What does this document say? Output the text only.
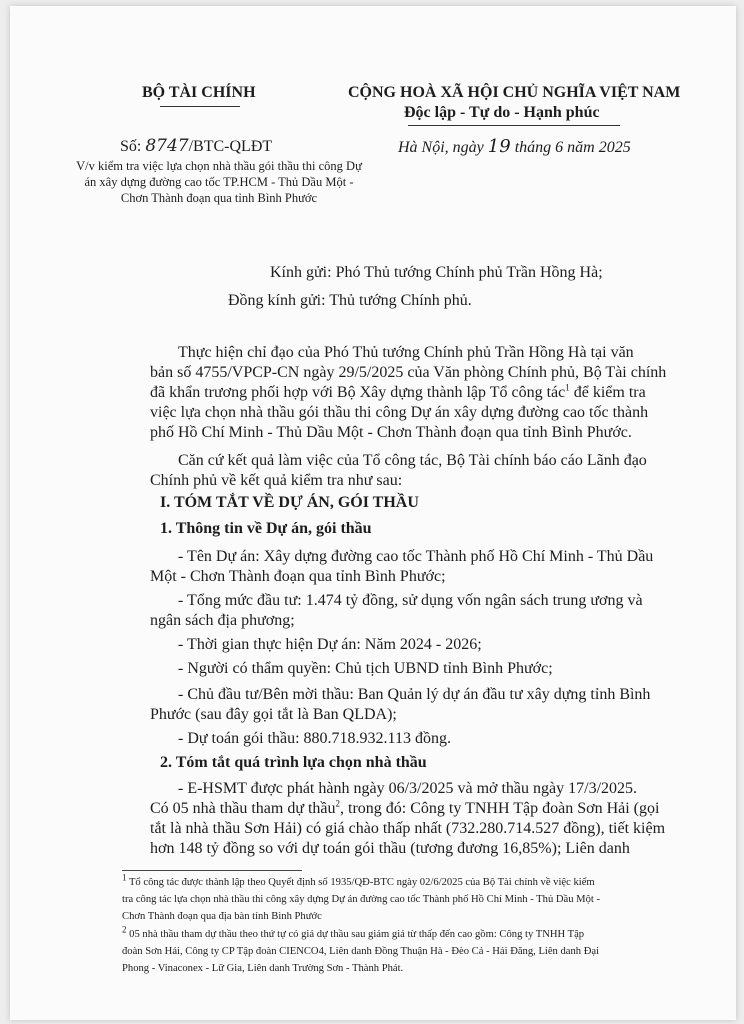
BỘ TÀI CHÍNH	CỘNG HOÀ XÃ HỘI CHỦ NGHĨA VIỆT NAM
Độc lập - Tự do - Hạnh phúc
Số: 8747/BTC-QLĐT
V/v kiểm tra việc lựa chọn nhà thầu gói thầu thi công Dự án xây dựng đường cao tốc TP.HCM - Thủ Dầu Một - Chơn Thành đoạn qua tỉnh Bình Phước
Hà Nội, ngày 19 tháng 6 năm 2025
Kính gửi: Phó Thủ tướng Chính phủ Trần Hồng Hà;
Đồng kính gửi: Thủ tướng Chính phủ.
Thực hiện chỉ đạo của Phó Thủ tướng Chính phủ Trần Hồng Hà tại văn
bản số 4755/VPCP-CN ngày 29/5/2025 của Văn phòng Chính phủ, Bộ Tài chính
đã khẩn trương phối hợp với Bộ Xây dựng thành lập Tổ công tác$^1$ để kiểm tra
việc lựa chọn nhà thầu gói thầu thi công Dự án xây dựng đường cao tốc thành
phố Hồ Chí Minh - Thủ Dầu Một - Chơn Thành đoạn qua tỉnh Bình Phước.
Căn cứ kết quả làm việc của Tổ công tác, Bộ Tài chính báo cáo Lãnh đạo
Chính phủ về kết quả kiểm tra như sau:
I. TÓM TẮT VỀ DỰ ÁN, GÓI THẦU
1. Thông tin về Dự án, gói thầu
- Tên Dự án: Xây dựng đường cao tốc Thành phố Hồ Chí Minh - Thủ Dầu
Một - Chơn Thành đoạn qua tỉnh Bình Phước;
- Tổng mức đầu tư: 1.474 tỷ đồng, sử dụng vốn ngân sách trung ương và
ngân sách địa phương;
- Thời gian thực hiện Dự án: Năm 2024 - 2026;
- Người có thẩm quyền: Chủ tịch UBND tỉnh Bình Phước;
- Chủ đầu tư/Bên mời thầu: Ban Quản lý dự án đầu tư xây dựng tỉnh Bình
Phước (sau đây gọi tắt là Ban QLDA);
- Dự toán gói thầu: 880.718.932.113 đồng.
2. Tóm tắt quá trình lựa chọn nhà thầu
- E-HSMT được phát hành ngày 06/3/2025 và mở thầu ngày 17/3/2025.
Có 05 nhà thầu tham dự thầu$^2$, trong đó: Công ty TNHH Tập đoàn Sơn Hải (gọi
tắt là nhà thầu Sơn Hải) có giá chào thấp nhất (732.280.714.527 đồng), tiết kiệm
hơn 148 tỷ đồng so với dự toán gói thầu (tương đương 16,85%); Liên danh
$^1$ Tổ công tác được thành lập theo Quyết định số 1935/QĐ-BTC ngày 02/6/2025 của Bộ Tài chính về việc kiểm
tra công tác lựa chọn nhà thầu thi công xây dựng Dự án đường cao tốc Thành phố Hồ Chí Minh - Thủ Dầu Một -
Chơn Thành đoạn qua địa bàn tỉnh Bình Phước
$^2$ 05 nhà thầu tham dự thầu theo thứ tự có giá dự thầu sau giảm giá từ thấp đến cao gồm: Công ty TNHH Tập
đoàn Sơn Hải, Công ty CP Tập đoàn CIENCO4, Liên danh Đồng Thuận Hà - Đèo Cả - Hải Đăng, Liên danh Đại
Phong - Vinaconex - Lữ Gia, Liên danh Trường Sơn - Thành Phát.
